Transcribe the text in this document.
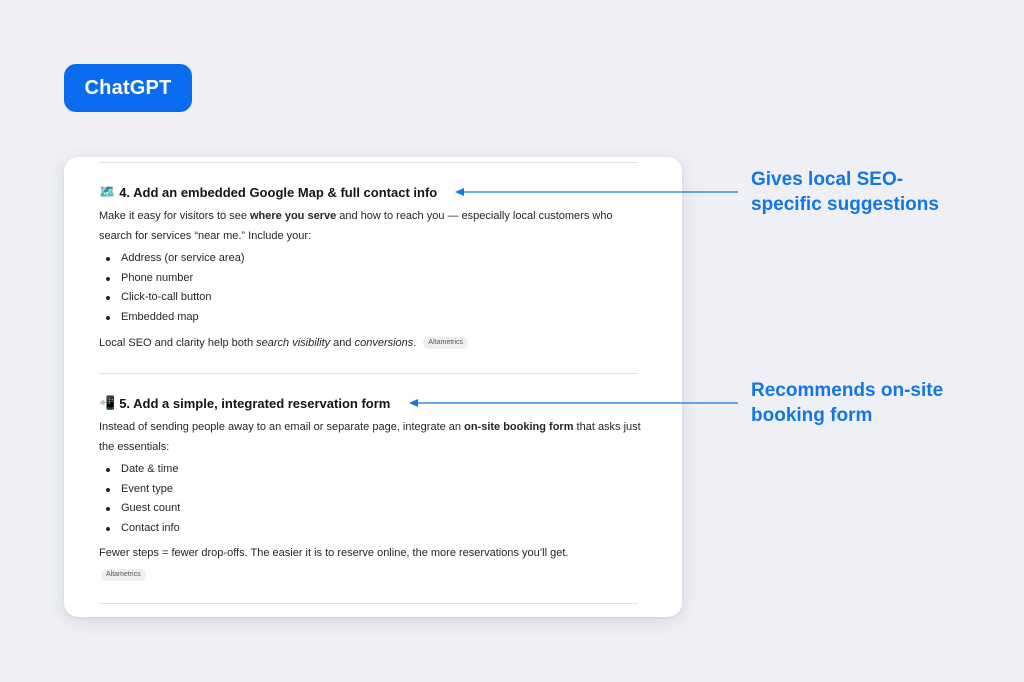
ChatGPT
🗺️ 4. Add an embedded Google Map & full contact info
Make it easy for visitors to see where you serve and how to reach you — especially local customers who search for services “near me.” Include your:
Address (or service area)
Phone number
Click-to-call button
Embedded map
Local SEO and clarity help both search visibility and conversions. Altametrics
📲 5. Add a simple, integrated reservation form
Instead of sending people away to an email or separate page, integrate an on-site booking form that asks just the essentials:
Date & time
Event type
Guest count
Contact info
Fewer steps = fewer drop-offs. The easier it is to reserve online, the more reservations you’ll get.
Altametrics
Gives local SEO-
specific suggestions
Recommends on-site
booking form
